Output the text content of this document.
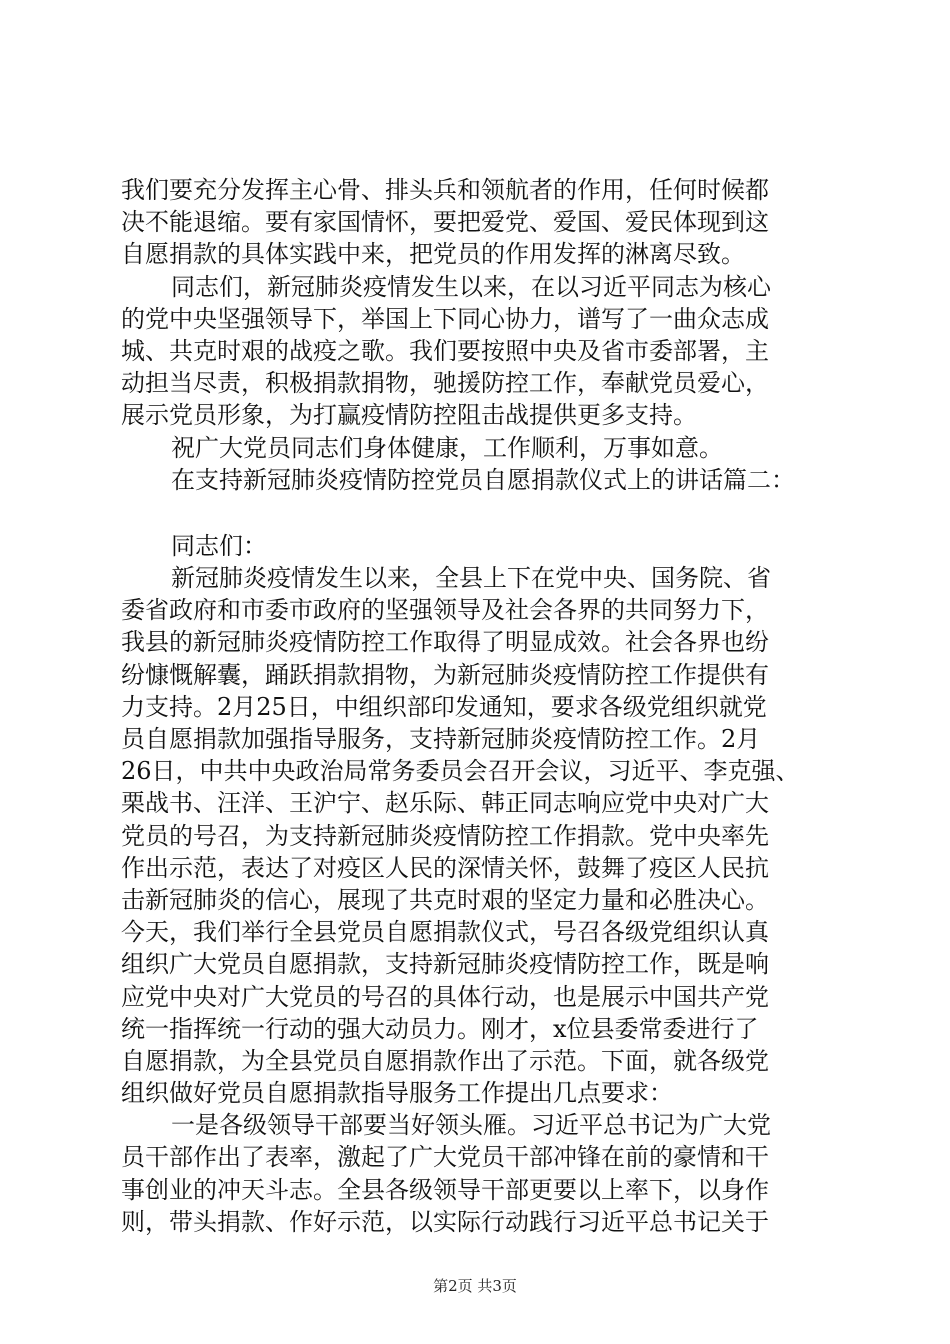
我们要充分发挥主心骨、排头兵和领航者的作用，任何时候都
决不能退缩。要有家国情怀，要把爱党、爱国、爱民体现到这
自愿捐款的具体实践中来，把党员的作用发挥的淋离尽致。
同志们，新冠肺炎疫情发生以来，在以习近平同志为核心
的党中央坚强领导下，举国上下同心协力，谱写了一曲众志成
城、共克时艰的战疫之歌。我们要按照中央及省市委部署，主
动担当尽责，积极捐款捐物，驰援防控工作，奉献党员爱心，
展示党员形象，为打赢疫情防控阻击战提供更多支持。
祝广大党员同志们身体健康，工作顺利，万事如意。
在支持新冠肺炎疫情防控党员自愿捐款仪式上的讲话篇二：
同志们：
新冠肺炎疫情发生以来，全县上下在党中央、国务院、省
委省政府和市委市政府的坚强领导及社会各界的共同努力下，
我县的新冠肺炎疫情防控工作取得了明显成效。社会各界也纷
纷慷慨解囊，踊跃捐款捐物，为新冠肺炎疫情防控工作提供有
力支持。2月25日，中组织部印发通知，要求各级党组织就党
员自愿捐款加强指导服务，支持新冠肺炎疫情防控工作。2月
26日，中共中央政治局常务委员会召开会议，习近平、李克强、
栗战书、汪洋、王沪宁、赵乐际、韩正同志响应党中央对广大
党员的号召，为支持新冠肺炎疫情防控工作捐款。党中央率先
作出示范，表达了对疫区人民的深情关怀，鼓舞了疫区人民抗
击新冠肺炎的信心，展现了共克时艰的坚定力量和必胜决心。
今天，我们举行全县党员自愿捐款仪式，号召各级党组织认真
组织广大党员自愿捐款，支持新冠肺炎疫情防控工作，既是响
应党中央对广大党员的号召的具体行动，也是展示中国共产党
统一指挥统一行动的强大动员力。刚才，x位县委常委进行了
自愿捐款，为全县党员自愿捐款作出了示范。下面，就各级党
组织做好党员自愿捐款指导服务工作提出几点要求：
一是各级领导干部要当好领头雁。习近平总书记为广大党
员干部作出了表率，激起了广大党员干部冲锋在前的豪情和干
事创业的冲天斗志。全县各级领导干部更要以上率下，以身作
则，带头捐款、作好示范，以实际行动践行习近平总书记关于
第2页 共3页
